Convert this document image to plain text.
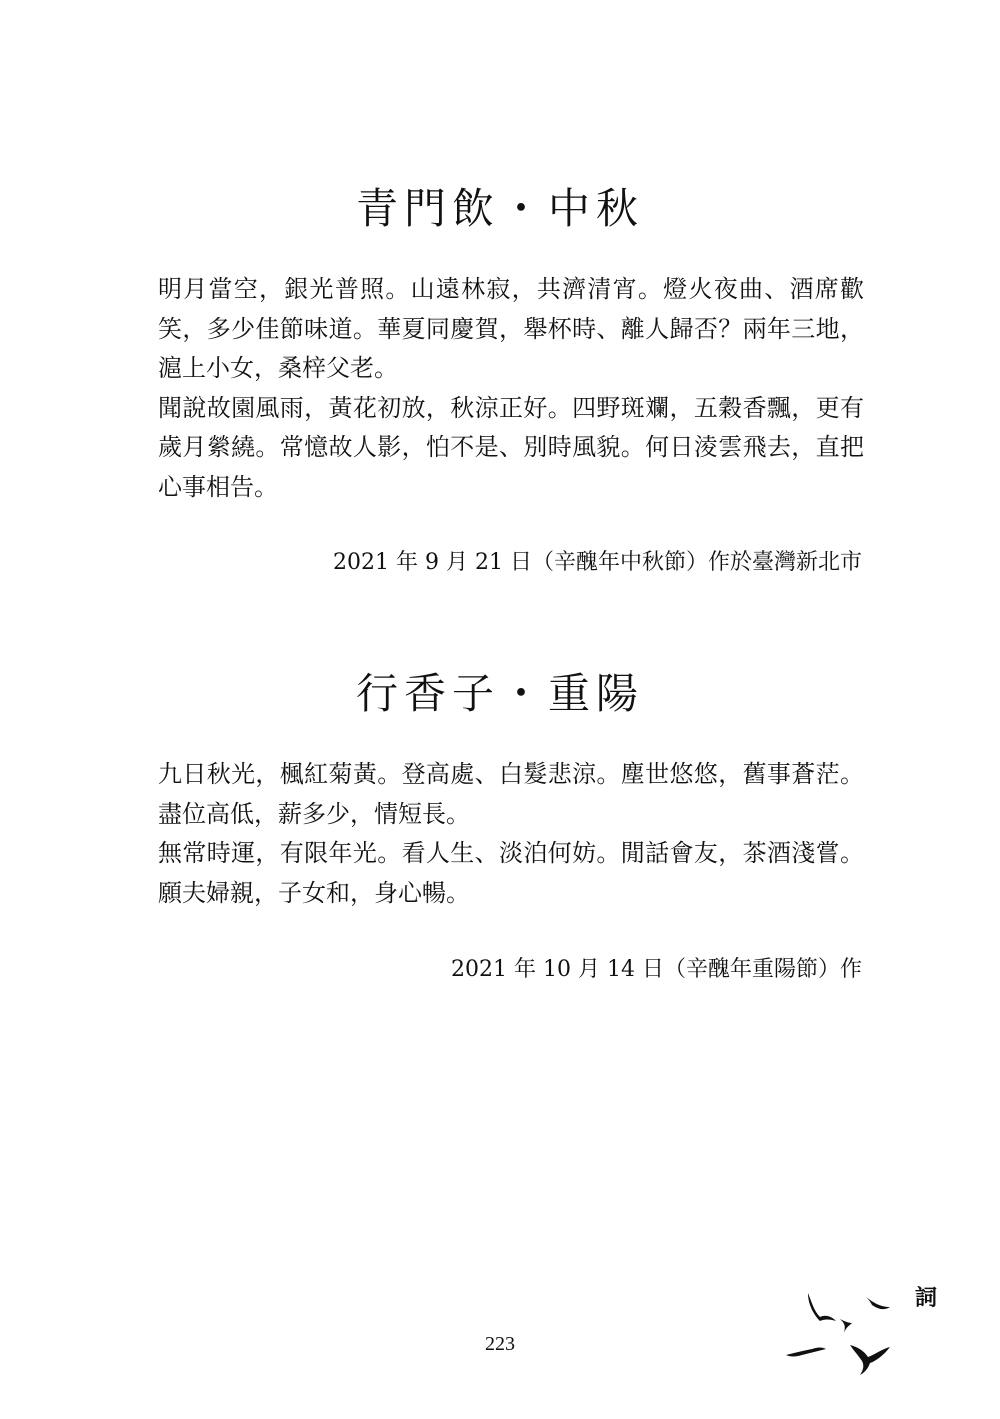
青門飲・中秋

明月當空，銀光普照。山遠林寂，共濟清宵。燈火夜曲、酒席歡笑，多少佳節味道。華夏同慶賀，舉杯時、離人歸否？兩年三地，滬上小女，桑梓父老。

聞說故園風雨，黃花初放，秋涼正好。四野斑斕，五穀香飄，更有歲月縈繞。常憶故人影，怕不是、別時風貌。何日淩雲飛去，直把心事相告。

2021 年 9 月 21 日（辛醜年中秋節）作於臺灣新北市

行香子・重陽

九日秋光，楓紅菊黃。登高處、白髮悲涼。塵世悠悠，舊事蒼茫。盡位高低，薪多少，情短長。

無常時運，有限年光。看人生、淡泊何妨。閒話會友，茶酒淺嘗。願夫婦親，子女和，身心暢。

2021 年 10 月 14 日（辛醜年重陽節）作

223
詞
